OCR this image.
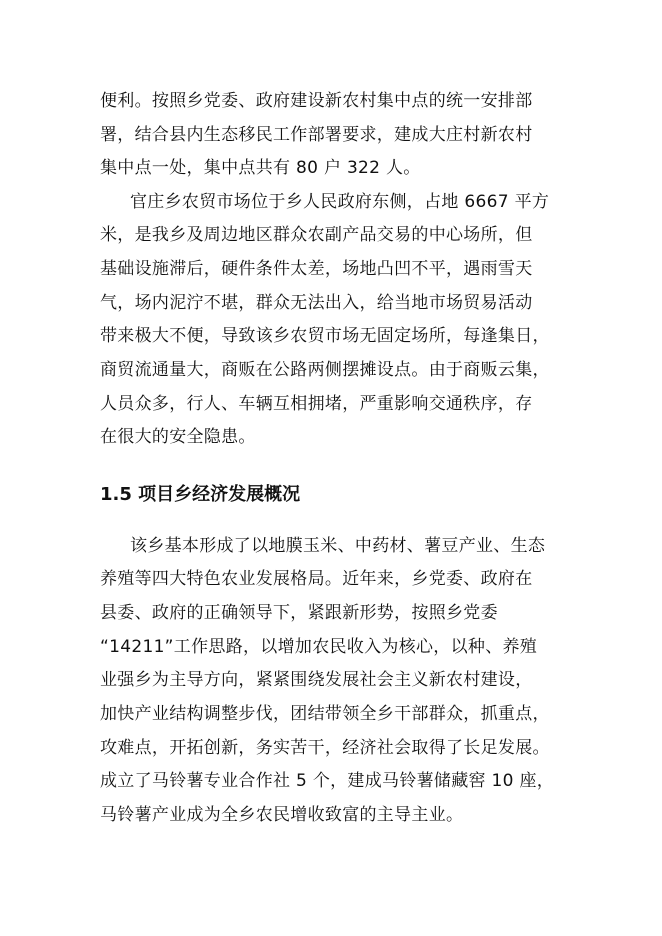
便利。按照乡党委、政府建设新农村集中点的统一安排部
署，结合县内生态移民工作部署要求，建成大庄村新农村
集中点一处，集中点共有 80 户 322 人。
官庄乡农贸市场位于乡人民政府东侧，占地 6667 平方
米，是我乡及周边地区群众农副产品交易的中心场所，但
基础设施滞后，硬件条件太差，场地凸凹不平，遇雨雪天
气，场内泥泞不堪，群众无法出入，给当地市场贸易活动
带来极大不便，导致该乡农贸市场无固定场所，每逢集日，
商贸流通量大，商贩在公路两侧摆摊设点。由于商贩云集，
人员众多，行人、车辆互相拥堵，严重影响交通秩序，存
在很大的安全隐患。
1.5 项目乡经济发展概况
该乡基本形成了以地膜玉米、中药材、薯豆产业、生态
养殖等四大特色农业发展格局。近年来，乡党委、政府在
县委、政府的正确领导下，紧跟新形势，按照乡党委
“14211”工作思路，以增加农民收入为核心，以种、养殖
业强乡为主导方向，紧紧围绕发展社会主义新农村建设，
加快产业结构调整步伐，团结带领全乡干部群众，抓重点，
攻难点，开拓创新，务实苦干，经济社会取得了长足发展。
成立了马铃薯专业合作社 5 个，建成马铃薯储藏窖 10 座，
马铃薯产业成为全乡农民增收致富的主导主业。
